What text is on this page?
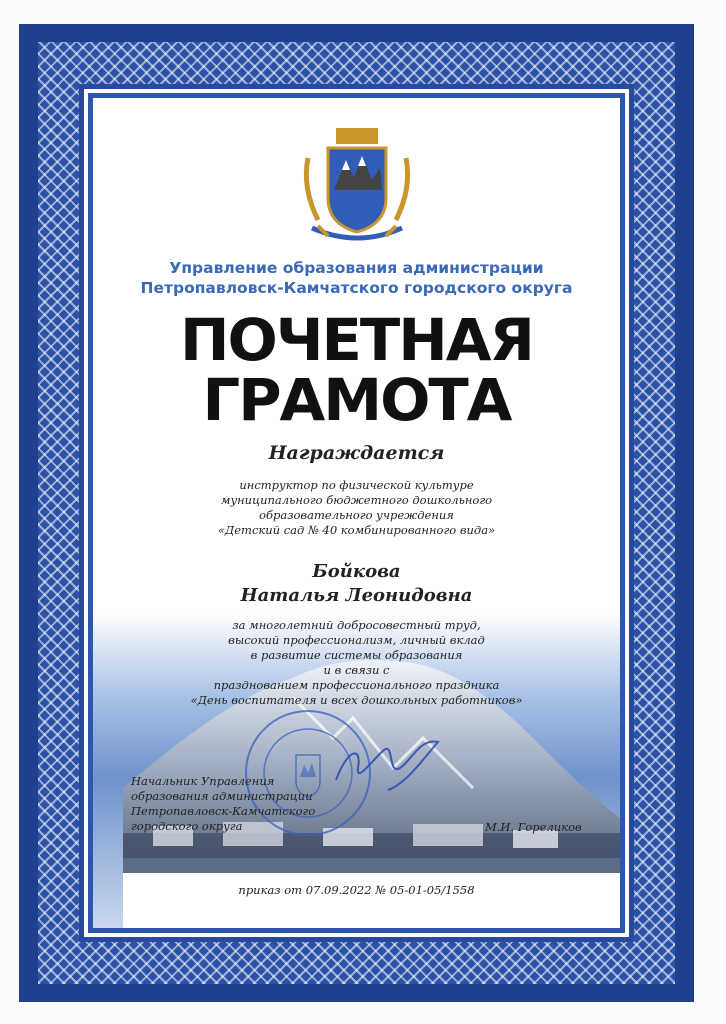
Управление образования администрации
Петропавловск-Камчатского городского округа
ПОЧЕТНАЯ
ГРАМОТА
Награждается
инструктор по физической культуре
муниципального бюджетного дошкольного
образовательного учреждения
«Детский сад № 40 комбинированного вида»
Бойкова
Наталья Леонидовна
за многолетний добросовестный труд,
высокий профессионализм, личный вклад
в развитие системы образования
и в связи с
празднованием профессионального праздника
«День воспитателя и всех дошкольных работников»
Начальник Управления
образования администрации
Петропавловск-Камчатского
городского округа	М.И. Гореликов
приказ от 07.09.2022 № 05-01-05/1558
